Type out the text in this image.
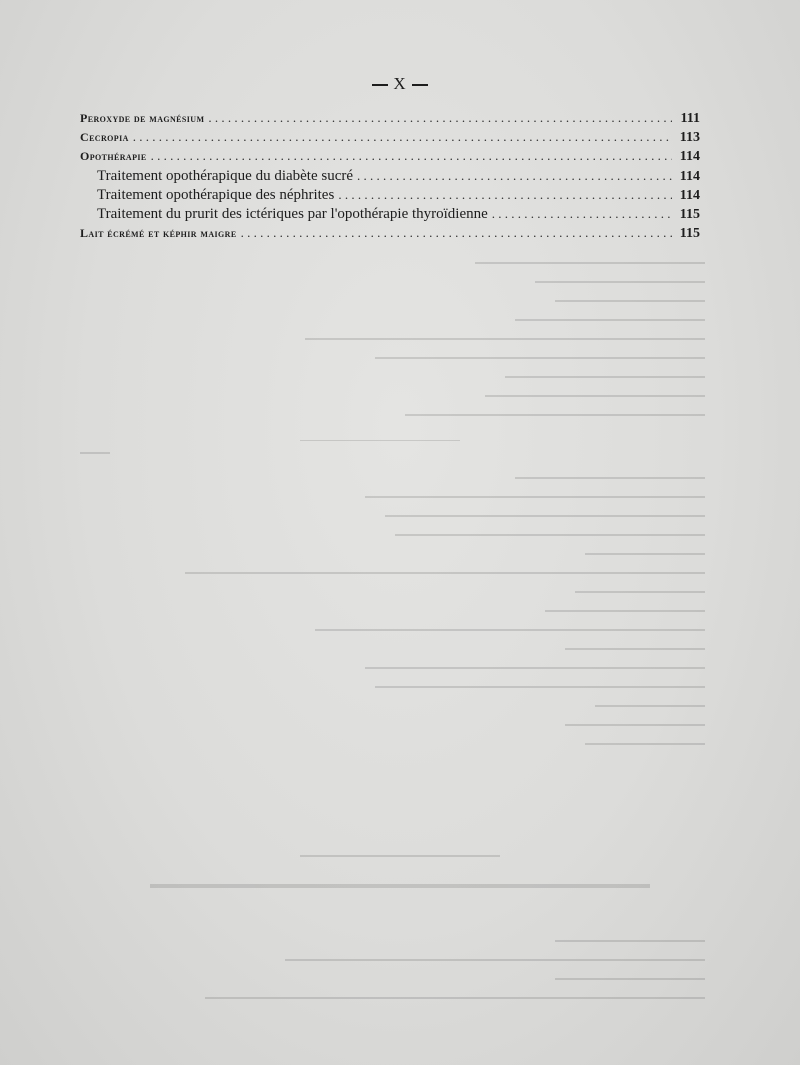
X
Peroxyde de magnésium . . .	111
Cecropia . . .	113
Opothérapie . . .	114
Traitement opothérapique du diabète sucré . . .	114
Traitement opothérapique des néphrites . . .	114
Traitement du prurit des ictériques par l'opothérapie thyroïdienne . . .	115
Lait écrémé et képhir maigre . . .	115
